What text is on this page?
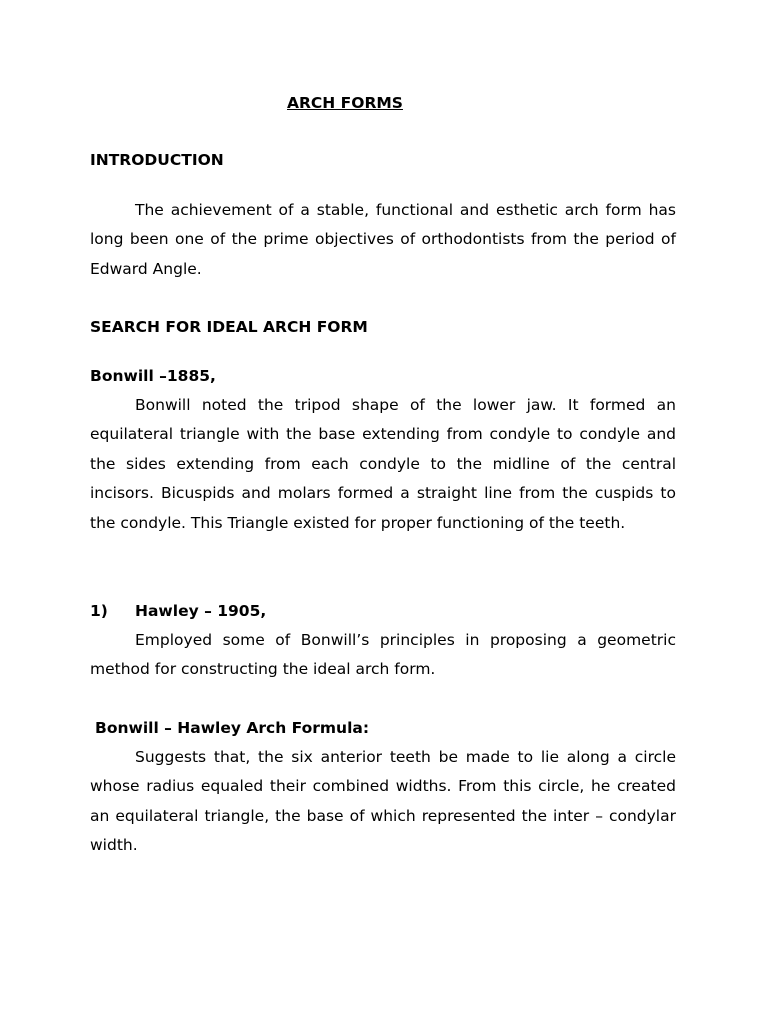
ARCH FORMS
INTRODUCTION

The achievement of a stable, functional and esthetic arch form has long been one of the prime objectives of orthodontists from the period of Edward Angle.

SEARCH FOR IDEAL ARCH FORM
Bonwill –1885,

Bonwill noted the tripod shape of the lower jaw. It formed an equilateral triangle with the base extending from condyle to condyle and the sides extending from each condyle to the midline of the central incisors. Bicuspids and molars formed a straight line from the cuspids to the condyle. This Triangle existed for proper functioning of the teeth.

1) Hawley – 1905,

Employed some of Bonwill’s principles in proposing a geometric method for constructing the ideal arch form.

Bonwill – Hawley Arch Formula:

Suggests that, the six anterior teeth be made to lie along a circle whose radius equaled their combined widths. From this circle, he created an equilateral triangle, the base of which represented the inter – condylar width.
